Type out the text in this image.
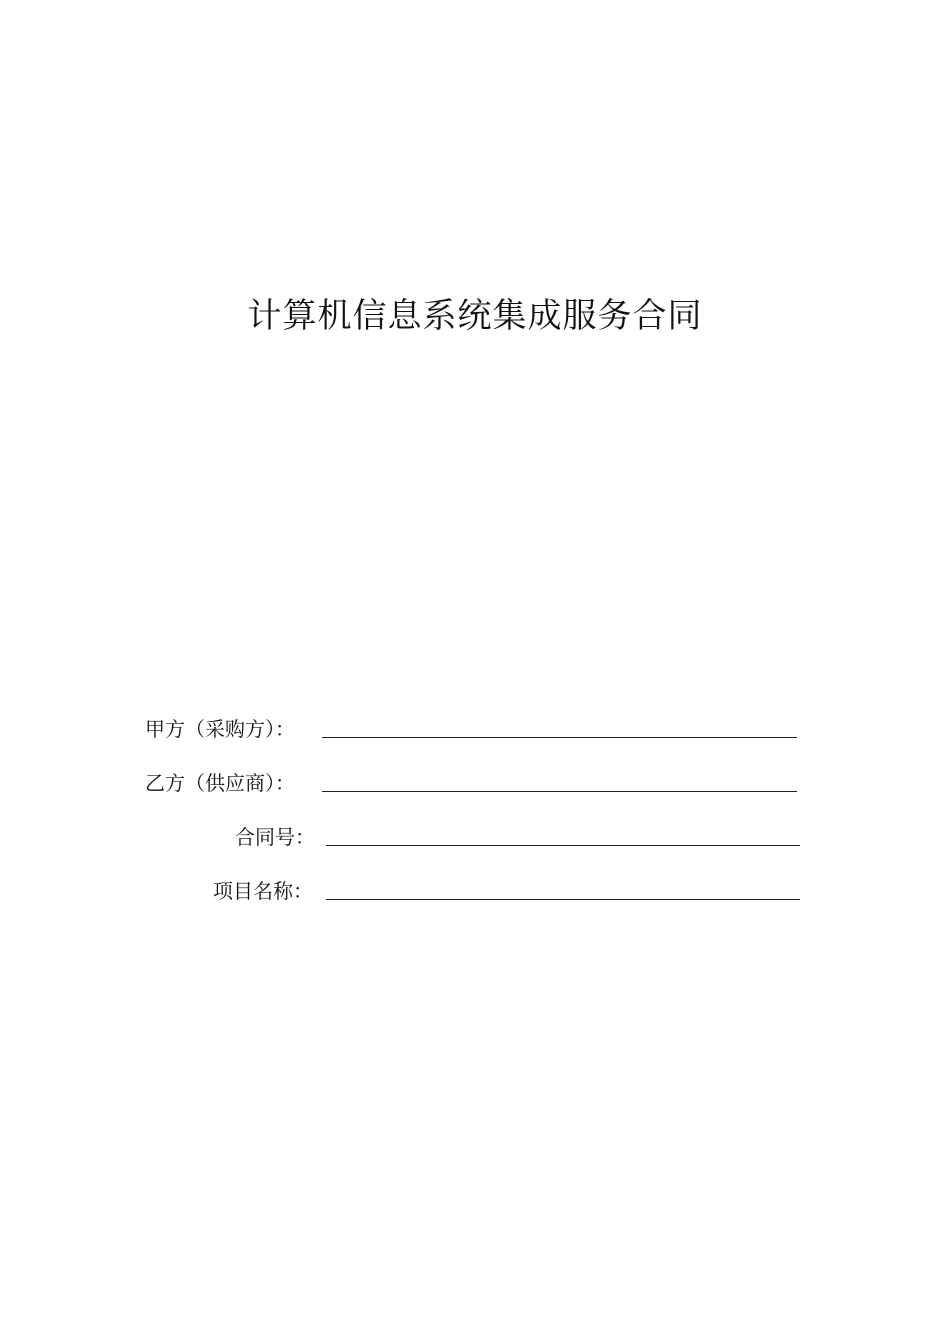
计算机信息系统集成服务合同
甲方（采购方）：
乙方（供应商）：
合同号：
项目名称：
